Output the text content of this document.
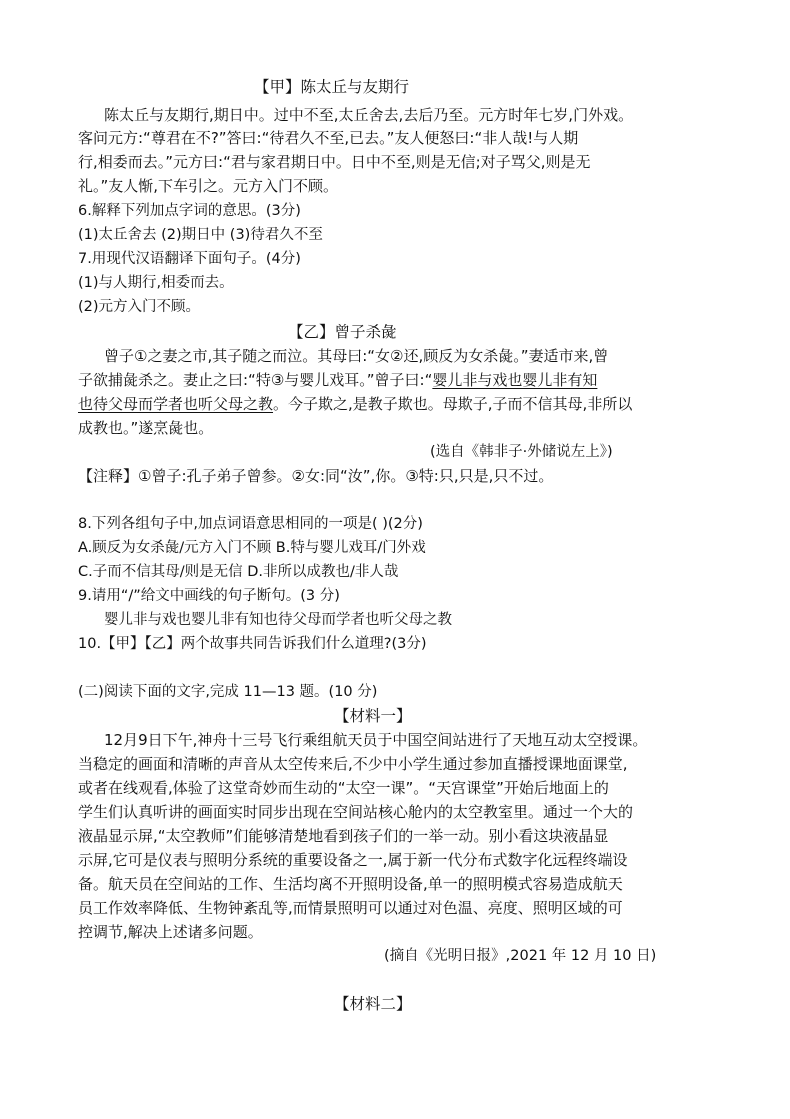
【甲】陈太丘与友期行
陈太丘与友期行,期日中。过中不至,太丘舍去,去后乃至。元方时年七岁,门外戏。
客问元方:“尊君在不?”答曰:“待君久不至,已去。”友人便怒曰:“非人哉!与人期
行,相委而去。”元方曰:“君与家君期日中。日中不至,则是无信;对子骂父,则是无
礼。”友人惭,下车引之。元方入门不顾。
6.解释下列加点字词的意思。(3分)
(1)太丘舍去 (2)期日中 (3)待君久不至
7.用现代汉语翻译下面句子。(4分)
(1)与人期行,相委而去。
(2)元方入门不顾。
【乙】曾子杀彘
曾子①之妻之市,其子随之而泣。其母曰:“女②还,顾反为女杀彘。”妻适市来,曾
子欲捕彘杀之。妻止之曰:“特③与婴儿戏耳。”曾子曰:“婴儿非与戏也婴儿非有知
也待父母而学者也听父母之教。今子欺之,是教子欺也。母欺子,子而不信其母,非所以
成教也。”遂烹彘也。
(选自《韩非子·外储说左上》)
【注释】①曾子:孔子弟子曾参。②女:同“汝”,你。③特:只,只是,只不过。
8.下列各组句子中,加点词语意思相同的一项是( )(2分)
A.顾反为女杀彘/元方入门不顾 B.特与婴儿戏耳/门外戏
C.子而不信其母/则是无信 D.非所以成教也/非人哉
9.请用“/”给文中画线的句子断句。(3 分)
婴儿非与戏也婴儿非有知也待父母而学者也听父母之教
10.【甲】【乙】两个故事共同告诉我们什么道理?(3分)
(二)阅读下面的文字,完成 11—13 题。(10 分)
【材料一】
12月9日下午,神舟十三号飞行乘组航天员于中国空间站进行了天地互动太空授课。
当稳定的画面和清晰的声音从太空传来后,不少中小学生通过参加直播授课地面课堂,
或者在线观看,体验了这堂奇妙而生动的“太空一课”。“天宫课堂”开始后地面上的
学生们认真听讲的画面实时同步出现在空间站核心舱内的太空教室里。通过一个大的
液晶显示屏,“太空教师”们能够清楚地看到孩子们的一举一动。别小看这块液晶显
示屏,它可是仪表与照明分系统的重要设备之一,属于新一代分布式数字化远程终端设
备。航天员在空间站的工作、生活均离不开照明设备,单一的照明模式容易造成航天
员工作效率降低、生物钟紊乱等,而情景照明可以通过对色温、亮度、照明区域的可
控调节,解决上述诸多问题。
(摘自《光明日报》,2021 年 12 月 10 日)
【材料二】
